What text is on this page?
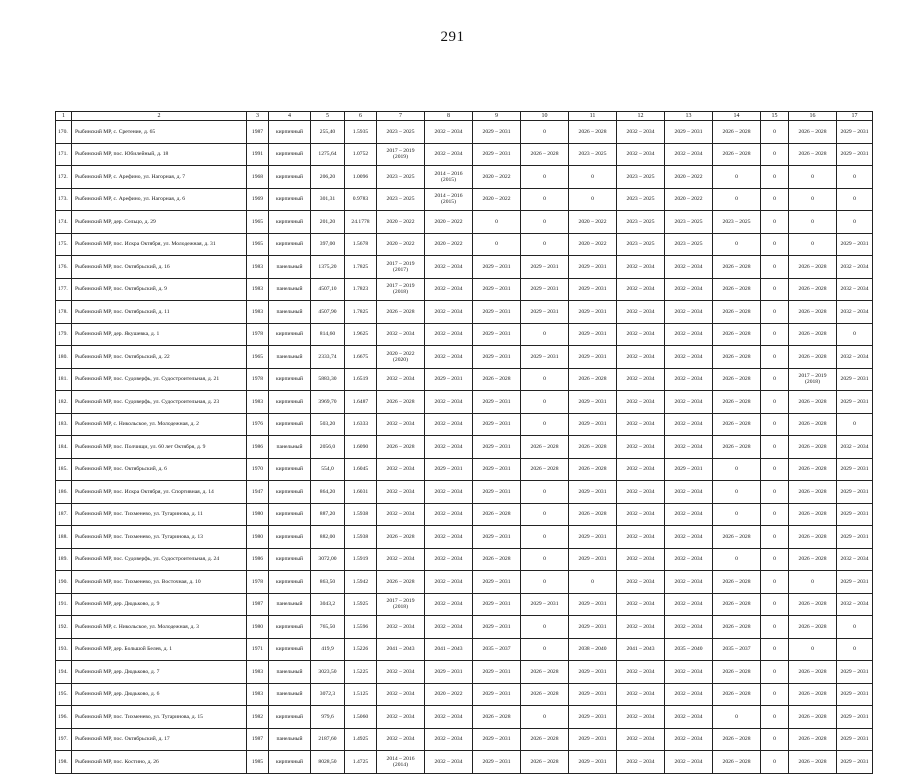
291
1	2	3	4	5	6	7	8	9	10	11	12	13	14	15	16	17
170.	Рыбинский МР, с. Сретение, д. 65	1987	кирпичный	255,40	1.5935	2023 – 2025	2032 – 2034	2029 – 2031	0	2026 – 2028	2032 – 2034	2029 – 2031	2026 – 2028	0	2026 – 2028	2029 – 2031
171.	Рыбинский МР, пос. Юбилейный, д. 18	1991	кирпичный	1275,64	1.0752	2017 – 2019 (2019)	2032 – 2034	2029 – 2031	2026 – 2028	2023 – 2025	2032 – 2034	2032 – 2034	2026 – 2028	0	2026 – 2028	2029 – 2031
172.	Рыбинский МР, с. Арефино, ул. Нагорная, д. 7	1968	кирпичный	206,20	1.0096	2023 – 2025	2014 – 2016 (2015)	2020 – 2022	0	0	2023 – 2025	2020 – 2022	0	0	0	0
173.	Рыбинский МР, с. Арефино, ул. Нагорная, д. 6	1969	кирпичный	301,31	0.9783	2023 – 2025	2014 – 2016 (2015)	2020 – 2022	0	0	2023 – 2025	2020 – 2022	0	0	0	0
174.	Рыбинский МР, дер. Сельцо, д. 29	1965	кирпичный	201,20	24.1778	2020 – 2022	2020 – 2022	0	0	2020 – 2022	2023 – 2025	2023 – 2025	2023 – 2025	0	0	0
175.	Рыбинский МР, пос. Искра Октября, ул. Молодежная, д. 31	1965	кирпичный	397,00	1.5678	2020 – 2022	2020 – 2022	0	0	2020 – 2022	2023 – 2025	2023 – 2025	0	0	0	2029 – 2031
176.	Рыбинский МР, пос. Октябрьский, д. 16	1983	панельный	1375,20	1.7825	2017 – 2019 (2017)	2032 – 2034	2029 – 2031	2029 – 2031	2029 – 2031	2032 – 2034	2032 – 2034	2026 – 2028	0	2026 – 2028	2032 – 2034
177.	Рыбинский МР, пос. Октябрьский, д. 9	1983	панельный	4507,10	1.7823	2017 – 2019 (2018)	2032 – 2034	2029 – 2031	2029 – 2031	2029 – 2031	2032 – 2034	2032 – 2034	2026 – 2028	0	2026 – 2028	2032 – 2034
178.	Рыбинский МР, пос. Октябрьский, д. 11	1983	панельный	4507,90	1.7825	2026 – 2028	2032 – 2034	2029 – 2031	2029 – 2031	2029 – 2031	2032 – 2034	2032 – 2034	2026 – 2028	0	2026 – 2028	2032 – 2034
179.	Рыбинский МР, дер. Якушевка, д. 1	1978	кирпичный	814,60	1.9625	2032 – 2034	2032 – 2034	2029 – 2031	0	2029 – 2031	2032 – 2034	2032 – 2034	2026 – 2028	0	2026 – 2028	0
180.	Рыбинский МР, пос. Октябрьский, д. 22	1965	панельный	2333,74	1.6675	2020 – 2022 (2020)	2032 – 2034	2029 – 2031	2029 – 2031	2029 – 2031	2032 – 2034	2032 – 2034	2026 – 2028	0	2026 – 2028	2032 – 2034
181.	Рыбинский МР, пос. Судоверфь, ул. Судостроительная, д. 21	1978	кирпичный	5883,30	1.6519	2032 – 2034	2029 – 2031	2026 – 2028	0	2026 – 2028	2032 – 2034	2032 – 2034	2026 – 2028	0	2017 – 2019 (2018)	2029 – 2031
182.	Рыбинский МР, пос. Судоверфь, ул. Судостроительная, д. 23	1983	кирпичный	3969,70	1.6487	2026 – 2028	2032 – 2034	2029 – 2031	0	2029 – 2031	2032 – 2034	2032 – 2034	2026 – 2028	0	2026 – 2028	2029 – 2031
183.	Рыбинский МР, с. Никольское, ул. Молодежная, д. 2	1976	кирпичный	503,20	1.6333	2032 – 2034	2032 – 2034	2029 – 2031	0	2029 – 2031	2032 – 2034	2032 – 2034	2026 – 2028	0	2026 – 2028	0
184.	Рыбинский МР, пос. Полчищи, ул. 60 лет Октября, д. 9	1986	панельный	2056,0	1.6090	2026 – 2028	2032 – 2034	2029 – 2031	2026 – 2028	2026 – 2028	2032 – 2034	2032 – 2034	2026 – 2028	0	2026 – 2028	2032 – 2034
185.	Рыбинский МР, пос. Октябрьский, д. 6	1970	кирпичный	554,0	1.6045	2032 – 2034	2029 – 2031	2029 – 2031	2026 – 2028	2026 – 2028	2032 – 2034	2029 – 2031	0	0	2026 – 2028	2029 – 2031
186.	Рыбинский МР, пос. Искра Октября, ул. Спортивная, д. 14	1947	кирпичный	864,20	1.6031	2032 – 2034	2032 – 2034	2029 – 2031	0	2029 – 2031	2032 – 2034	2032 – 2034	0	0	2026 – 2028	2029 – 2031
187.	Рыбинский МР, пос. Тихменево, ул. Тугаринова, д. 11	1980	кирпичный	887,20	1.5938	2032 – 2034	2032 – 2034	2026 – 2028	0	2026 – 2028	2032 – 2034	2032 – 2034	0	0	2026 – 2028	2029 – 2031
188.	Рыбинский МР, пос. Тихменево, ул. Тугаринова, д. 13	1980	кирпичный	882,00	1.5938	2026 – 2028	2032 – 2034	2029 – 2031	0	2029 – 2031	2032 – 2034	2032 – 2034	2026 – 2028	0	2026 – 2028	2029 – 2031
189.	Рыбинский МР, пос. Судоверфь, ул. Судостроительная, д. 24	1986	кирпичный	3072,00	1.5919	2032 – 2034	2032 – 2034	2026 – 2028	0	2029 – 2031	2032 – 2034	2032 – 2034	0	0	2026 – 2028	2032 – 2034
190.	Рыбинский МР, пос. Тихменево, ул. Восточная, д. 10	1978	кирпичный	863,50	1.5942	2026 – 2028	2032 – 2034	2029 – 2031	0	0	2032 – 2034	2032 – 2034	2026 – 2028	0	0	2029 – 2031
191.	Рыбинский МР, дер. Дюдьково, д. 9	1987	панельный	3043,2	1.5925	2017 – 2019 (2018)	2032 – 2034	2029 – 2031	2029 – 2031	2029 – 2031	2032 – 2034	2032 – 2034	2026 – 2028	0	2026 – 2028	2032 – 2034
192.	Рыбинский МР, с. Никольское, ул. Молодежная, д. 3	1980	кирпичный	765,50	1.5596	2032 – 2034	2032 – 2034	2029 – 2031	0	2029 – 2031	2032 – 2034	2032 – 2034	2026 – 2028	0	2026 – 2028	0
193.	Рыбинский МР, дер. Большой Белев, д. 1	1971	кирпичный	419,9	1.5226	2041 – 2043	2041 – 2043	2035 – 2037	0	2038 – 2040	2041 – 2043	2035 – 2040	2035 – 2037	0	0	0
194.	Рыбинский МР, дер. Дюдьково, д. 7	1983	панельный	3023,50	1.5225	2032 – 2034	2029 – 2031	2029 – 2031	2026 – 2028	2029 – 2031	2032 – 2034	2032 – 2034	2026 – 2028	0	2026 – 2028	2029 – 2031
195.	Рыбинский МР, дер. Дюдьково, д. 6	1983	панельный	3072,3	1.5125	2032 – 2034	2020 – 2022	2029 – 2031	2026 – 2028	2029 – 2031	2032 – 2034	2032 – 2034	2026 – 2028	0	2026 – 2028	2029 – 2031
196.	Рыбинский МР, пос. Тихменево, ул. Тугаринова, д. 15	1982	кирпичный	979,6	1.5060	2032 – 2034	2032 – 2034	2026 – 2028	0	2029 – 2031	2032 – 2034	2032 – 2034	0	0	2026 – 2028	2029 – 2031
197.	Рыбинский МР, пос. Октябрьский, д. 17	1987	панельный	2187,60	1.4925	2032 – 2034	2032 – 2034	2029 – 2031	2026 – 2028	2029 – 2031	2032 – 2034	2032 – 2034	2026 – 2028	0	2026 – 2028	2029 – 2031
198.	Рыбинский МР, пос. Костино, д. 26	1985	кирпичный	8028,50	1.4725	2014 – 2016 (2014)	2032 – 2034	2029 – 2031	2026 – 2028	2029 – 2031	2032 – 2034	2032 – 2034	2026 – 2028	0	2026 – 2028	2029 – 2031
